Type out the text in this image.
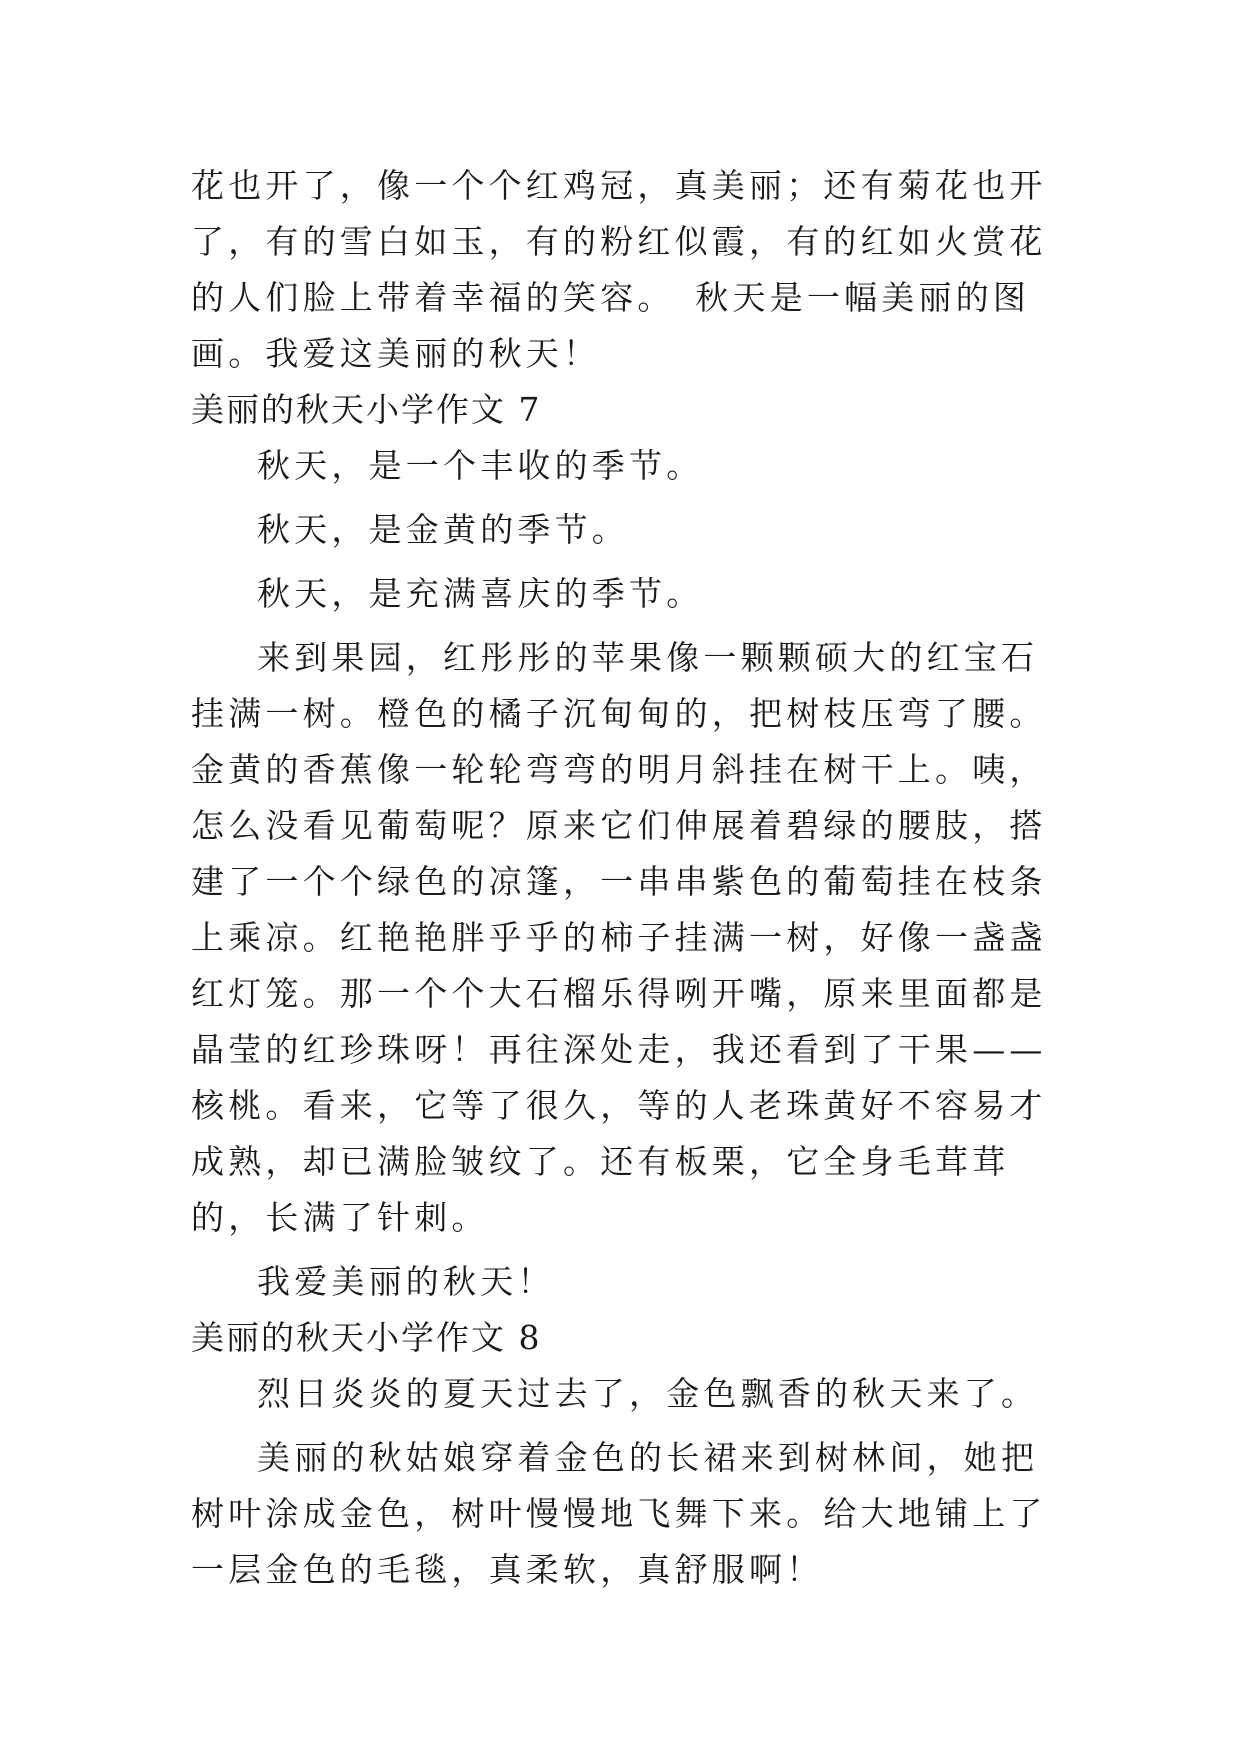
花也开了，像一个个红鸡冠，真美丽；还有菊花也开了，有的雪白如玉，有的粉红似霞，有的红如火赏花的人们脸上带着幸福的笑容。　秋天是一幅美丽的图画。我爱这美丽的秋天！

美丽的秋天小学作文 7

秋天，是一个丰收的季节。

秋天，是金黄的季节。

秋天，是充满喜庆的季节。

来到果园，红彤彤的苹果像一颗颗硕大的红宝石挂满一树。橙色的橘子沉甸甸的，把树枝压弯了腰。金黄的香蕉像一轮轮弯弯的明月斜挂在树干上。咦，怎么没看见葡萄呢？原来它们伸展着碧绿的腰肢，搭建了一个个绿色的凉篷，一串串紫色的葡萄挂在枝条上乘凉。红艳艳胖乎乎的柿子挂满一树，好像一盏盏红灯笼。那一个个大石榴乐得咧开嘴，原来里面都是晶莹的红珍珠呀！再往深处走，我还看到了干果——核桃。看来，它等了很久，等的人老珠黄好不容易才成熟，却已满脸皱纹了。还有板栗，它全身毛茸茸的，长满了针刺。

我爱美丽的秋天！

美丽的秋天小学作文 8

烈日炎炎的夏天过去了，金色飘香的秋天来了。

美丽的秋姑娘穿着金色的长裙来到树林间，她把树叶涂成金色，树叶慢慢地飞舞下来。给大地铺上了一层金色的毛毯，真柔软，真舒服啊！
